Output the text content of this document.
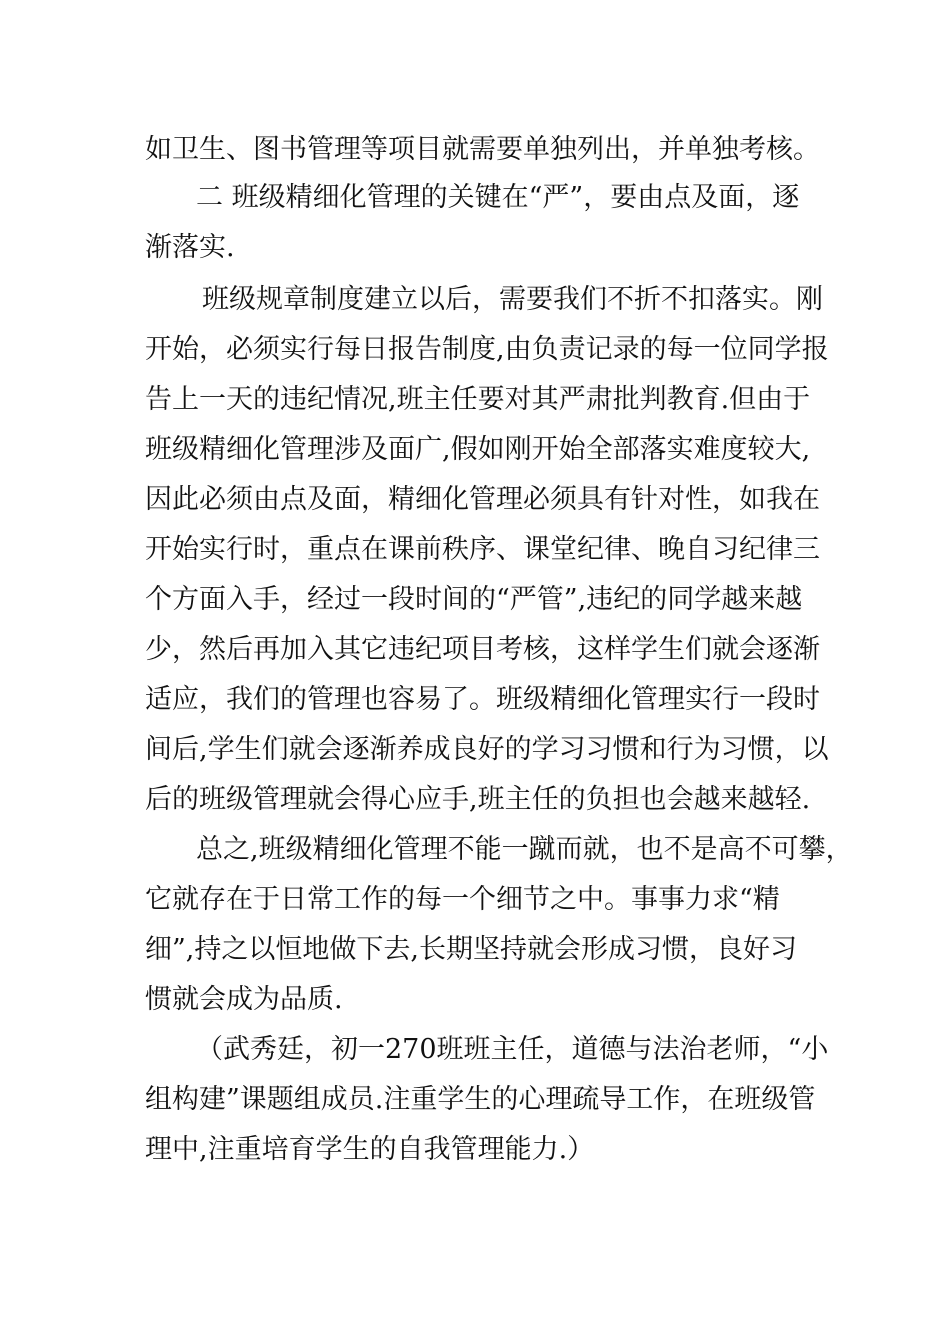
如卫生、图书管理等项目就需要单独列出，并单独考核。
二 班级精细化管理的关键在“严”，要由点及面，逐
渐落实.
班级规章制度建立以后，需要我们不折不扣落实。刚
开始，必须实行每日报告制度,由负责记录的每一位同学报
告上一天的违纪情况,班主任要对其严肃批判教育.但由于
班级精细化管理涉及面广,假如刚开始全部落实难度较大,
因此必须由点及面，精细化管理必须具有针对性，如我在
开始实行时，重点在课前秩序、课堂纪律、晚自习纪律三
个方面入手，经过一段时间的“严管”,违纪的同学越来越
少，然后再加入其它违纪项目考核，这样学生们就会逐渐
适应，我们的管理也容易了。班级精细化管理实行一段时
间后,学生们就会逐渐养成良好的学习习惯和行为习惯，以
后的班级管理就会得心应手,班主任的负担也会越来越轻.
总之,班级精细化管理不能一蹴而就，也不是高不可攀，
它就存在于日常工作的每一个细节之中。事事力求“精
细”,持之以恒地做下去,长期坚持就会形成习惯，良好习
惯就会成为品质.
（武秀廷，初一270班班主任，道德与法治老师，“小
组构建”课题组成员.注重学生的心理疏导工作，在班级管
理中,注重培育学生的自我管理能力.）
